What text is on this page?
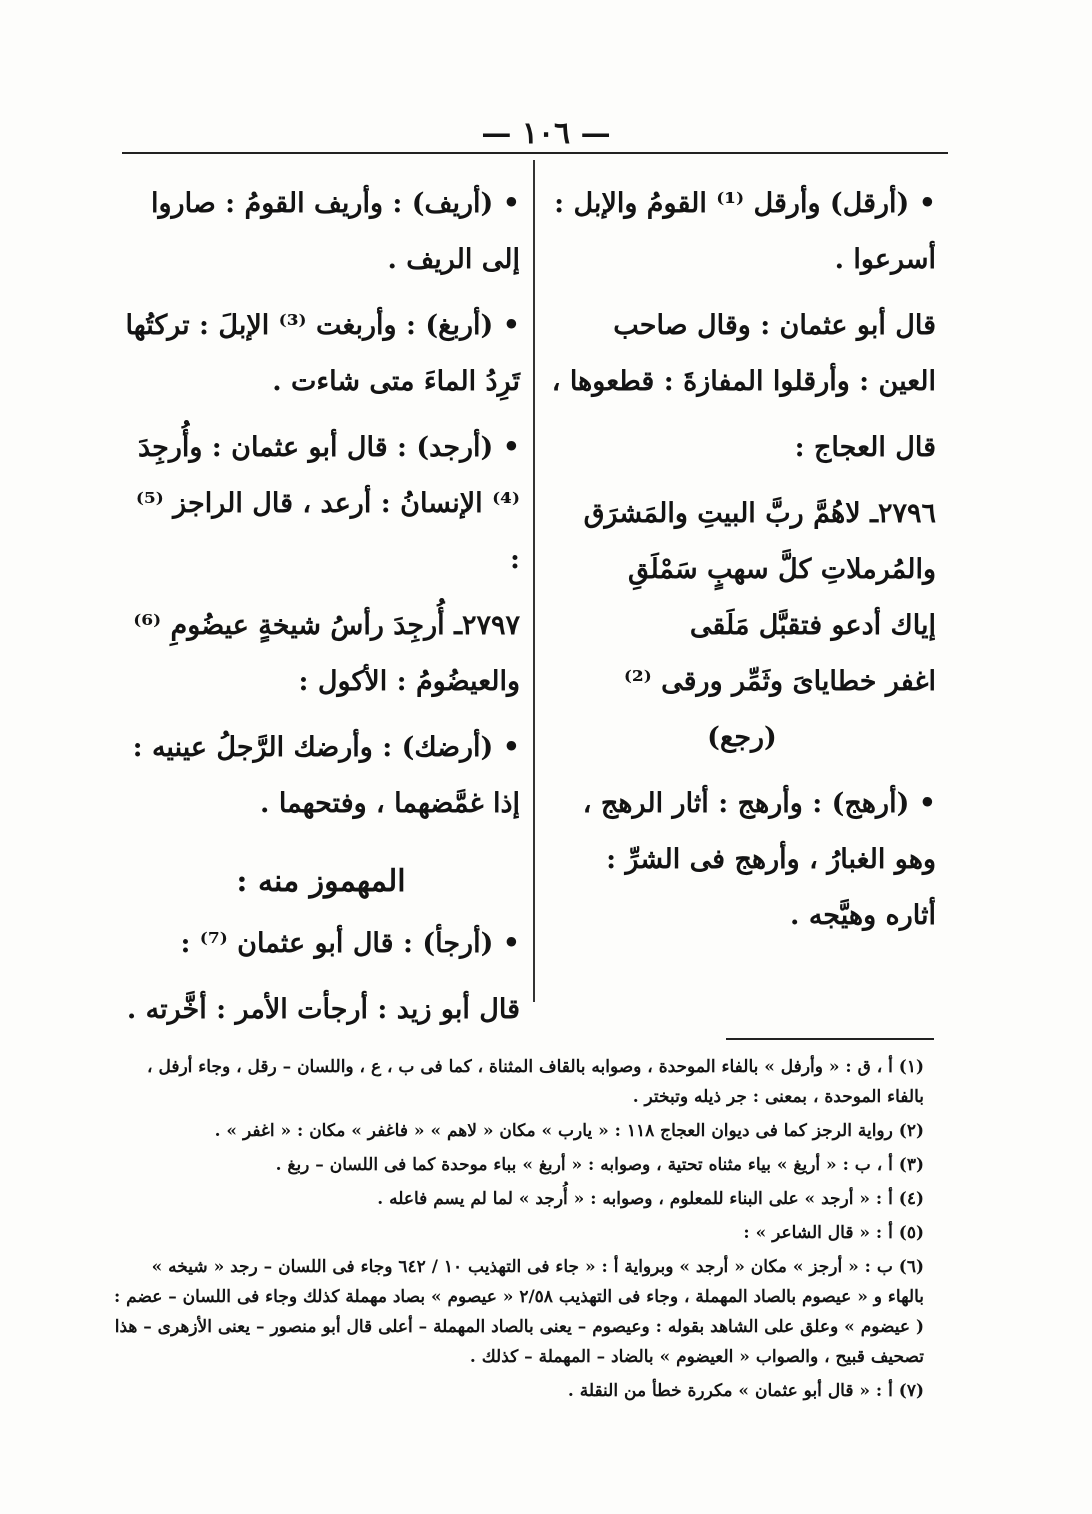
— ١٠٦ —

• (أرقل) وأرقل ⁽¹⁾ القومُ والإبل : أسرعوا .

قال أبو عثمان : وقال صاحب العين : وأرقلوا المفازةَ : قطعوها ،

قال العجاج :

٢٧٩٦ـ لاهُمَّ ربَّ البيتِ والمَشرَق

والمُرملاتِ كلَّ سهبٍ سَمْلَقِ

إياك أدعو فتقبَّل مَلَقى

اغفر خطاياىَ وثَمِّر ورقى ⁽²⁾

(رجع)

• (أرهج) : وأرهج : أثار الرهج ، وهو الغبارُ ، وأرهج فى الشرِّ : أثاره وهيَّجه .

• (أريف) : وأريف القومُ : صاروا إلى الريف .

• (أربغ) : وأربغت ⁽³⁾ الإبلَ : تركتُها تَرِدُ الماءَ متى شاءت .

• (أرجد) : قال أبو عثمان : وأُرجِدَ ⁽⁴⁾ الإنسانُ : أرعد ، قال الراجز ⁽⁵⁾ :

٢٧٩٧ـ أُرجِدَ رأسُ شيخةٍ عيضُومِ ⁽⁶⁾

والعيضُومُ : الأكول :

• (أرضك) : وأرضك الرَّجلُ عينيه : إذا غمَّضهما ، وفتحهما .

المهموز منه :

• (أرجأ) : قال أبو عثمان ⁽⁷⁾ :

قال أبو زيد : أرجأت الأمر : أخَّرته .

(١) أ ، ق : « وأرفل » بالفاء الموحدة ، وصوابه بالقاف المثناة ، كما فى ب ، ع ، واللسان – رقل ، وجاء أرفل ، بالفاء الموحدة ، بمعنى : جر ذيله وتبختر .

(٢) رواية الرجز كما فى ديوان العجاج ١١٨ : « يارب » مكان « لاهم » « فاغفر » مكان : « اغفر » .

(٣) أ ، ب : « أريغ » بياء مثناه تحتية ، وصوابه : « أربغ » بباء موحدة كما فى اللسان – ربغ .

(٤) أ : « أرجد » على البناء للمعلوم ، وصوابه : « أُرجد » لما لم يسم فاعله .

(٥) أ : « قال الشاعر » :

(٦) ب : « أرجز » مكان « أرجد » وبرواية أ : « جاء فى التهذيب ١٠ / ٦٤٢ وجاء فى اللسان – رجد « شيخه » بالهاء و « عيصوم بالصاد المهملة ، وجاء فى التهذيب ٢/٥٨ « عيصوم » بصاد مهملة كذلك وجاء فى اللسان – عضم : ( عيضوم » وعلق على الشاهد بقوله : وعيصوم – يعنى بالصاد المهملة – أعلى قال أبو منصور – يعنى الأزهرى – هذا تصحيف قبيح ، والصواب « العيضوم » بالضاد – المهملة – كذلك .

(٧) أ : « قال أبو عثمان » مكررة خطأ من النقلة .
